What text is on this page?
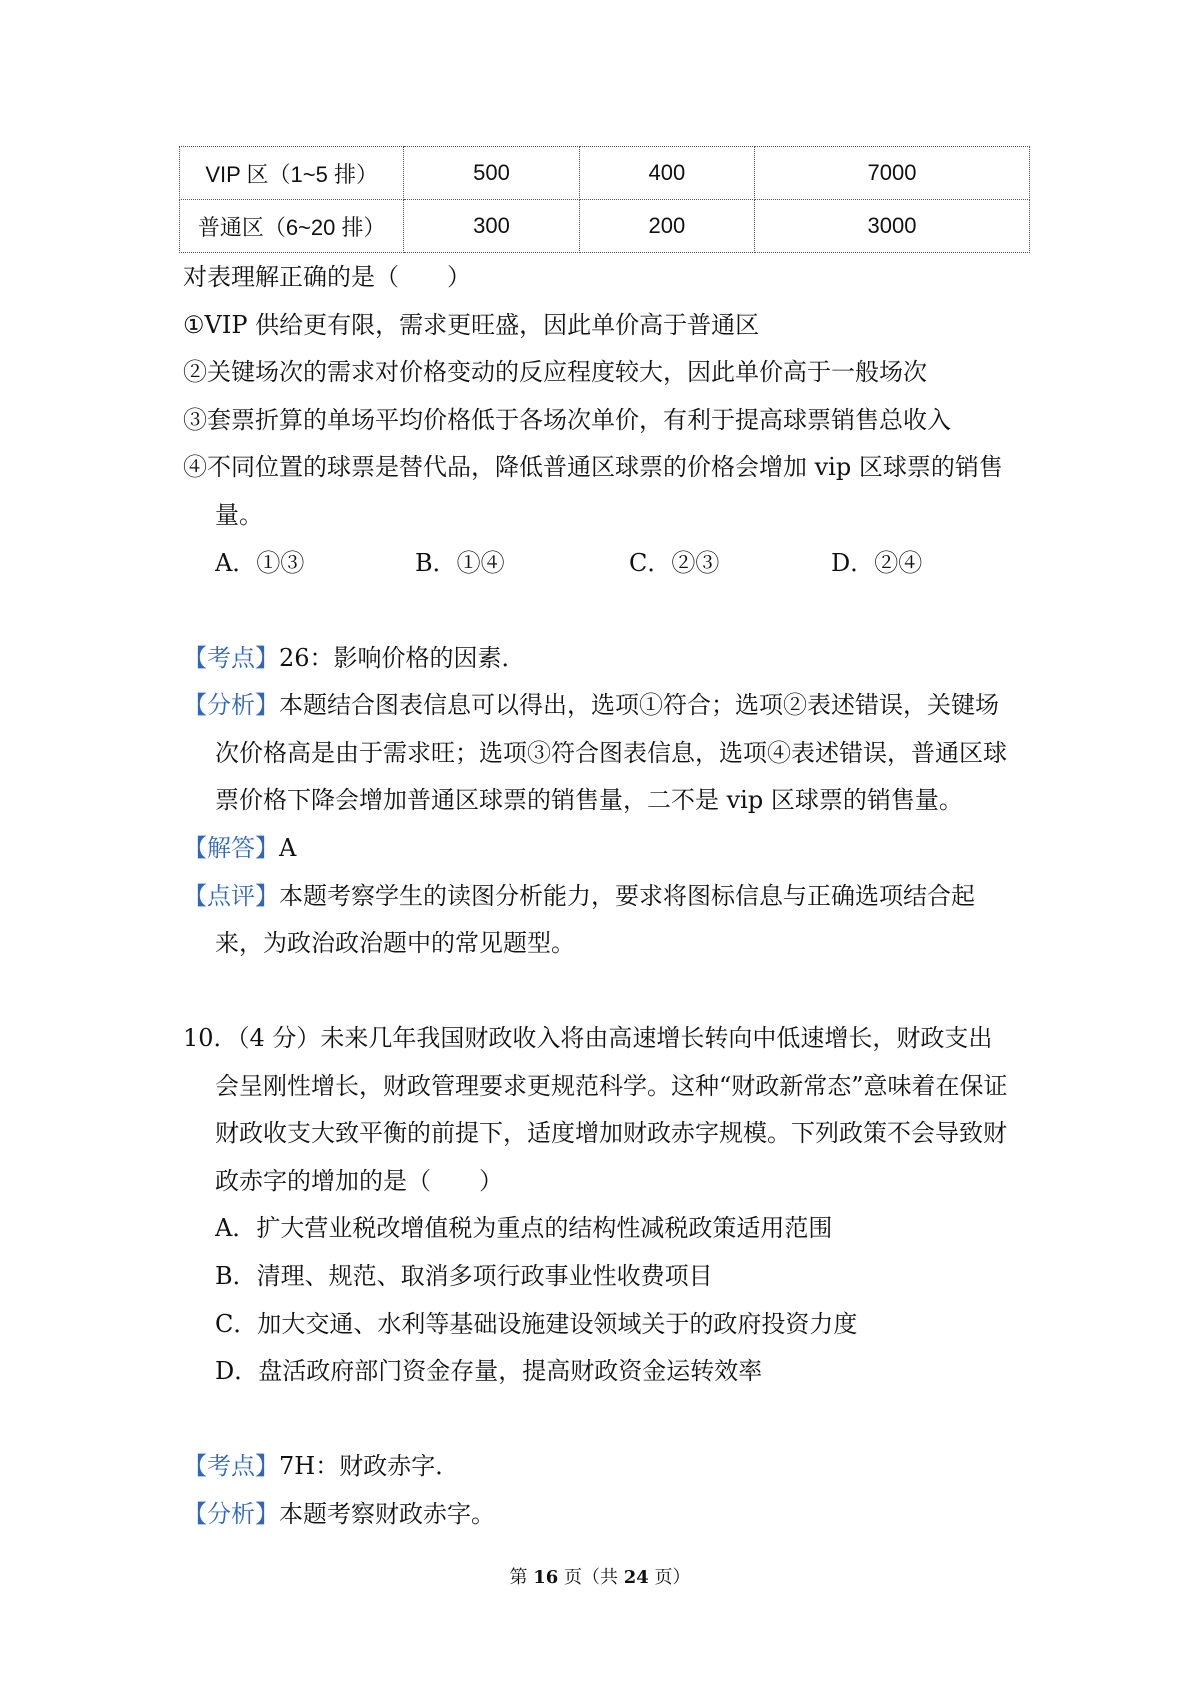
VIP 区（1~5 排）	500	400	7000
普通区（6~20 排）	300	200	3000
对表理解正确的是（　　）
①VIP 供给更有限，需求更旺盛，因此单价高于普通区
②关键场次的需求对价格变动的反应程度较大，因此单价高于一般场次
③套票折算的单场平均价格低于各场次单价，有利于提高球票销售总收入
④不同位置的球票是替代品，降低普通区球票的价格会增加 vip 区球票的销售
量。
A．①③	B．①④	C．②③	D．②④
【考点】26：影响价格的因素．
【分析】本题结合图表信息可以得出，选项①符合；选项②表述错误，关键场
次价格高是由于需求旺；选项③符合图表信息，选项④表述错误，普通区球
票价格下降会增加普通区球票的销售量，二不是 vip 区球票的销售量。
【解答】A
【点评】本题考察学生的读图分析能力，要求将图标信息与正确选项结合起
来，为政治政治题中的常见题型。
10．（4 分）未来几年我国财政收入将由高速增长转向中低速增长，财政支出
会呈刚性增长，财政管理要求更规范科学。这种“财政新常态”意味着在保证
财政收支大致平衡的前提下，适度增加财政赤字规模。下列政策不会导致财
政赤字的增加的是（　　）
A．扩大营业税改增值税为重点的结构性减税政策适用范围
B．清理、规范、取消多项行政事业性收费项目
C．加大交通、水利等基础设施建设领域关于的政府投资力度
D．盘活政府部门资金存量，提高财政资金运转效率
【考点】7H：财政赤字．
【分析】本题考察财政赤字。
第 16 页（共 24 页）
